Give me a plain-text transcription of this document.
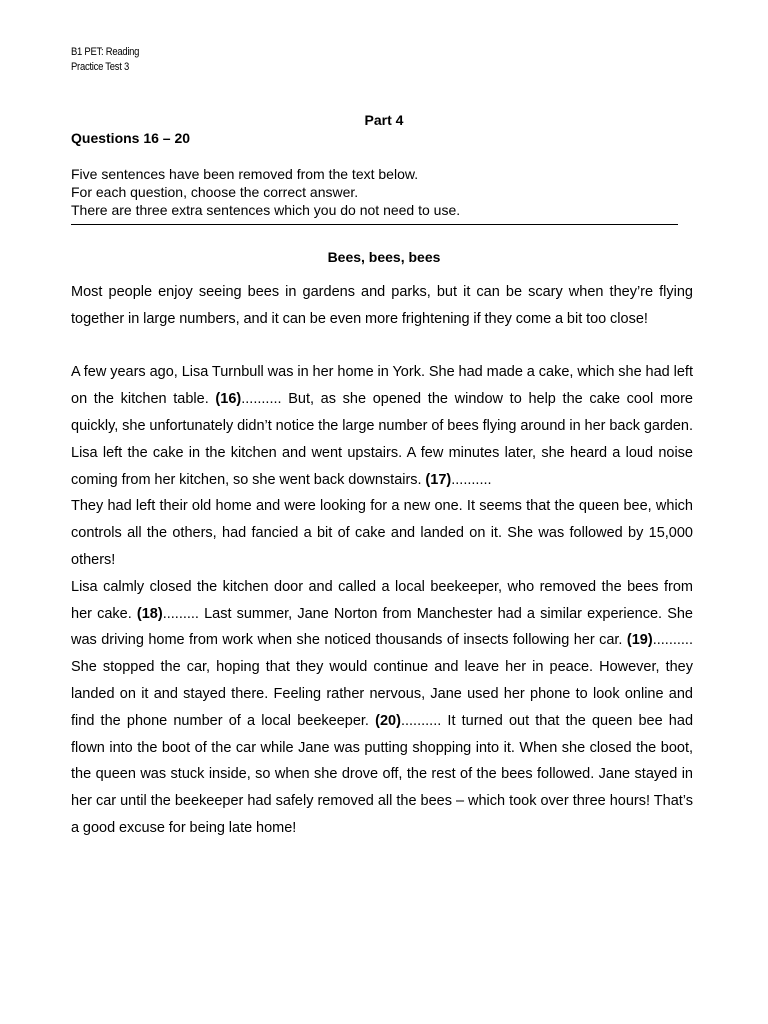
B1 PET: Reading
Practice Test 3
Part 4
Questions 16 – 20
Five sentences have been removed from the text below.
For each question, choose the correct answer.
There are three extra sentences which you do not need to use.
Bees, bees, bees

Most people enjoy seeing bees in gardens and parks, but it can be scary when they’re flying together in large numbers, and it can be even more frightening if they come a bit too close!

A few years ago, Lisa Turnbull was in her home in York. She had made a cake, which she had left on the kitchen table. ( 16 ) .......... But, as she opened the window to help the cake cool more quickly, she unfortunately didn’t notice the large number of bees flying around in her back garden. Lisa left the cake in the kitchen and went upstairs. A few minutes later, she heard a loud noise coming from her kitchen, so she went back downstairs. ( 17 ) ..........

They had left their old home and were looking for a new one. It seems that the queen bee, which controls all the others, had fancied a bit of cake and landed on it. She was followed by 15,000 others!

Lisa calmly closed the kitchen door and called a local beekeeper, who removed the bees from her cake. ( 18 ) ......... Last summer, Jane Norton from Manchester had a similar experience. She was driving home from work when she noticed thousands of insects following her car. ( 19 ) .......... She stopped the car, hoping that they would continue and leave her in peace. However, they landed on it and stayed there. Feeling rather nervous, Jane used her phone to look online and find the phone number of a local beekeeper. ( 20 ) .......... It turned out that the queen bee had flown into the boot of the car while Jane was putting shopping into it. When she closed the boot, the queen was stuck inside, so when she drove off, the rest of the bees followed. Jane stayed in her car until the beekeeper had safely removed all the bees – which took over three hours! That’s a good excuse for being late home!
